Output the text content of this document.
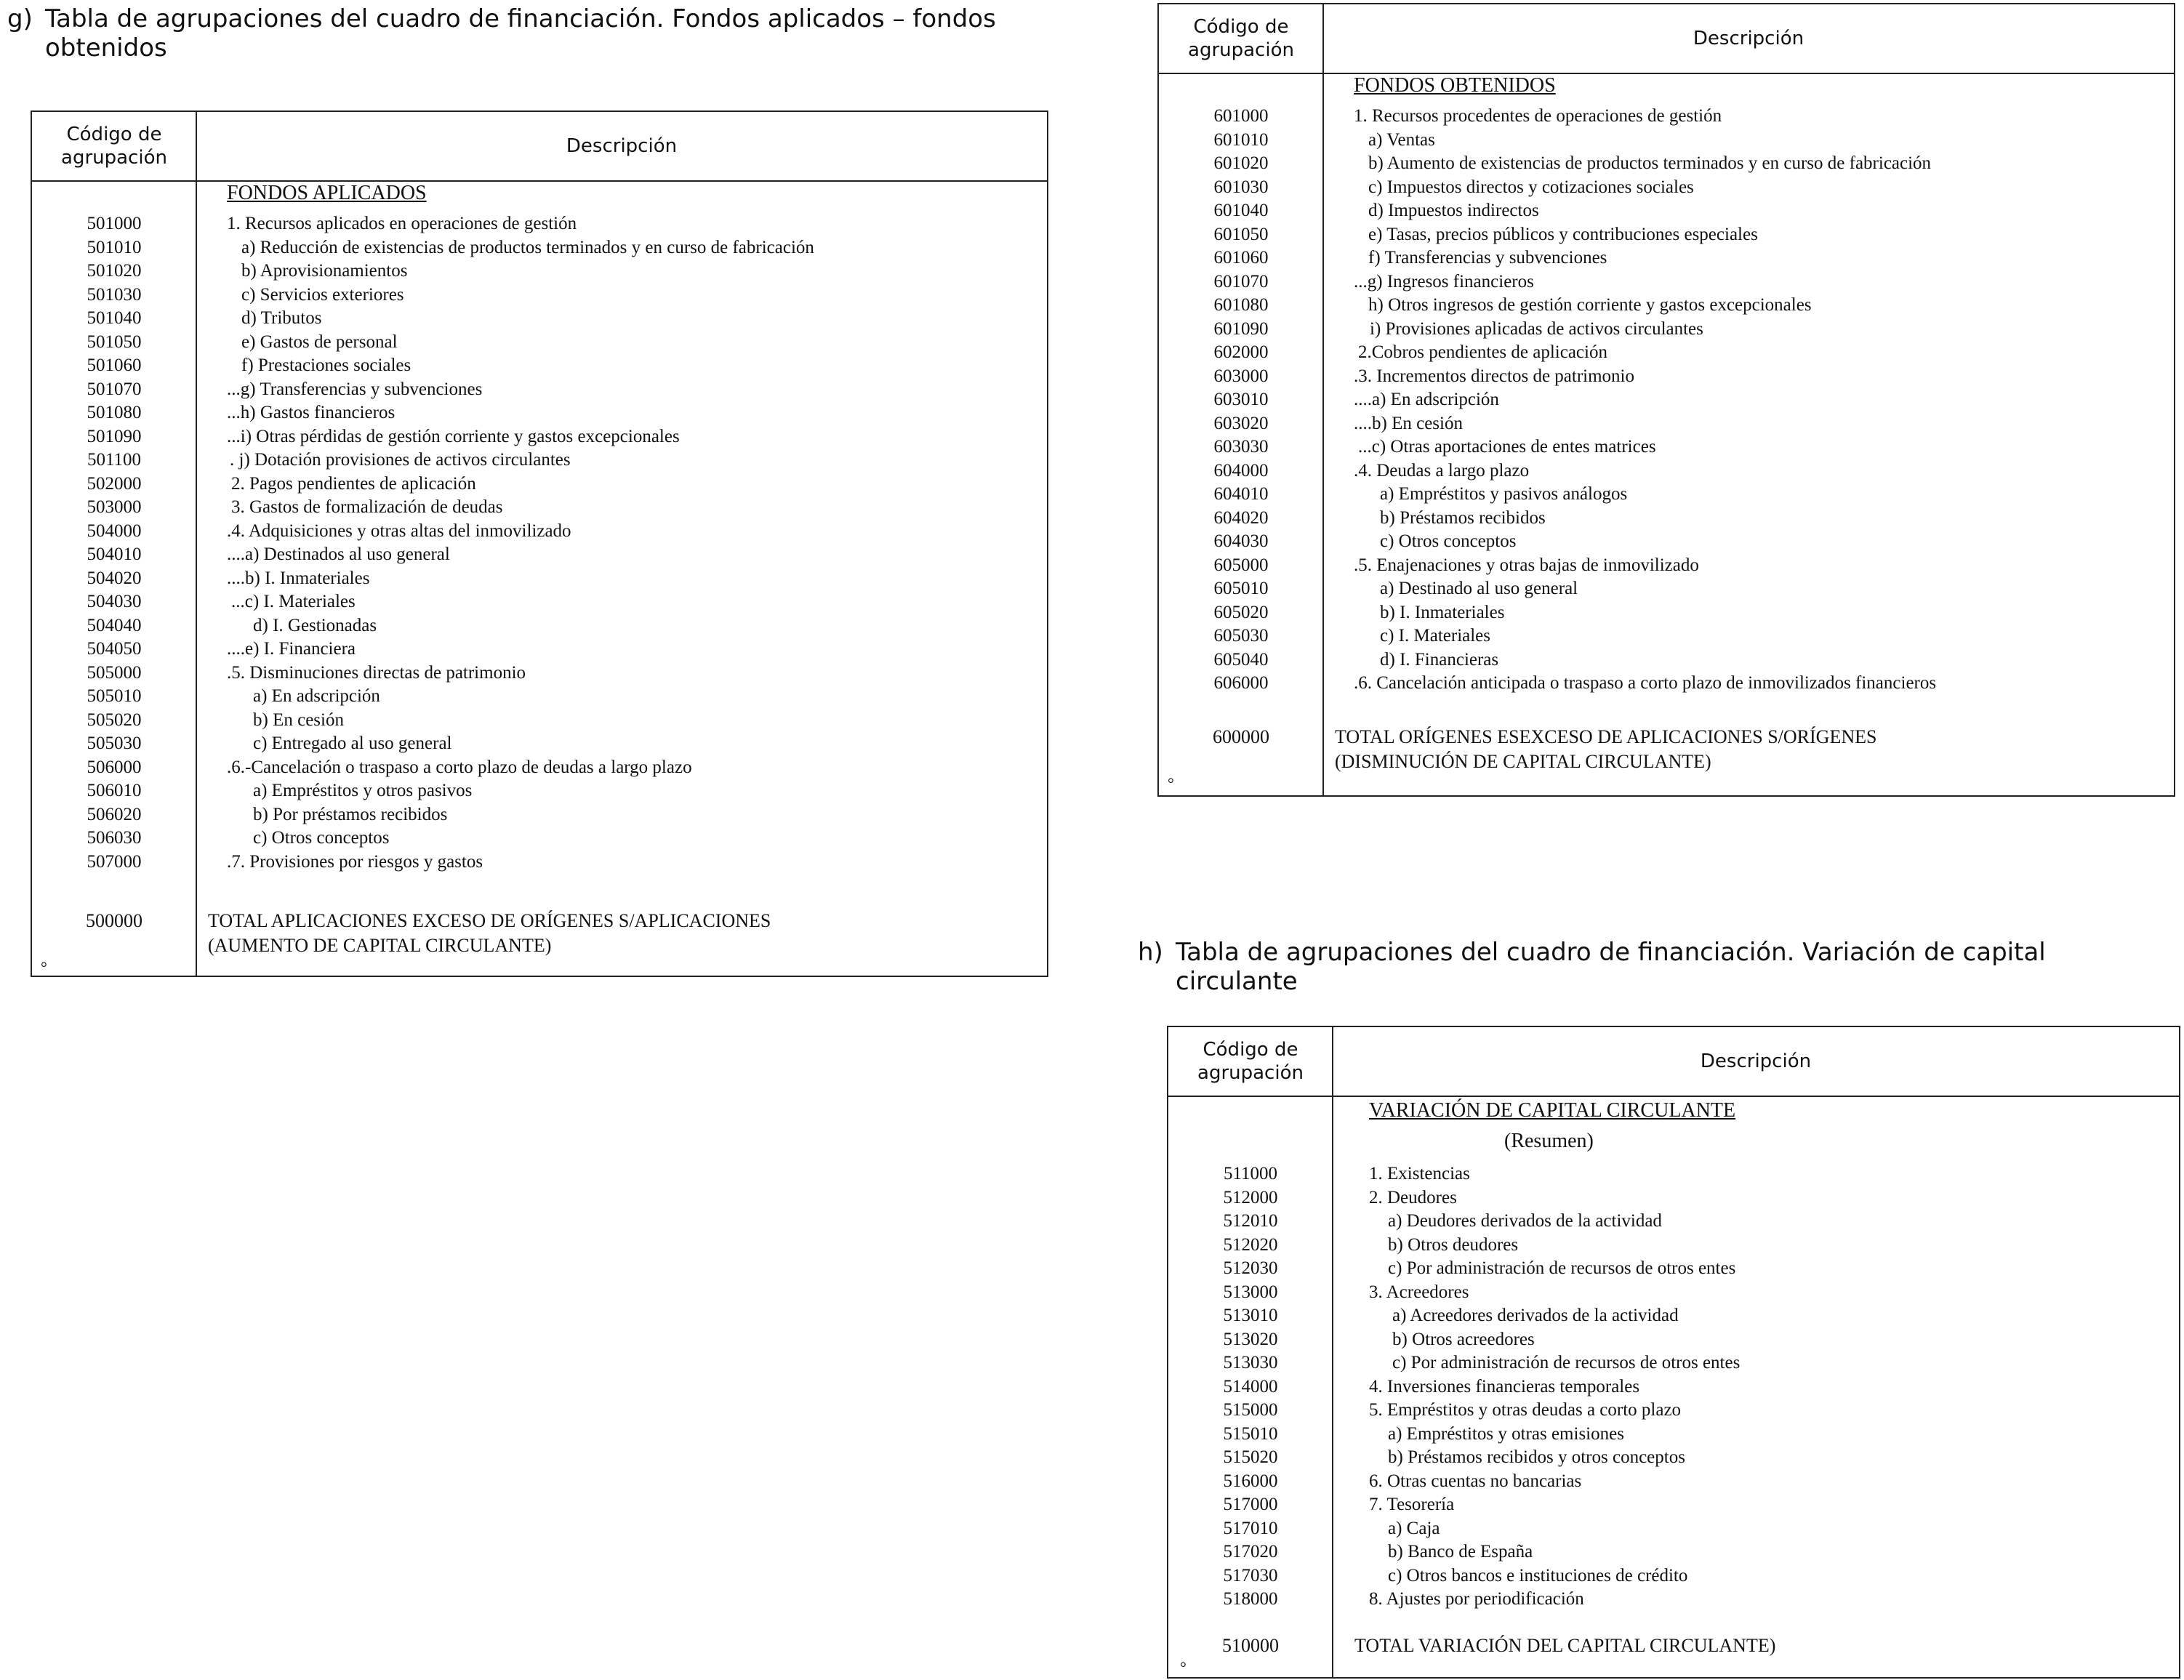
g) Tabla de agrupaciones del cuadro de financiación. Fondos aplicados – fondos obtenidos
Código de
agrupación
Descripción
FONDOS APLICADOS
501000	1. Recursos aplicados en operaciones de gestión
501010	a) Reducción de existencias de productos terminados y en curso de fabricación
501020	b) Aprovisionamientos
501030	c) Servicios exteriores
501040	d) Tributos
501050	e) Gastos de personal
501060	f) Prestaciones sociales
501070	...g) Transferencias y subvenciones
501080	...h) Gastos financieros
501090	...i) Otras pérdidas de gestión corriente y gastos excepcionales
501100	. j) Dotación provisiones de activos circulantes
502000	2. Pagos pendientes de aplicación
503000	3. Gastos de formalización de deudas
504000	.4. Adquisiciones y otras altas del inmovilizado
504010	....a) Destinados al uso general
504020	....b) I. Inmateriales
504030	...c) I. Materiales
504040	d) I. Gestionadas
504050	....e) I. Financiera
505000	.5. Disminuciones directas de patrimonio
505010	a) En adscripción
505020	b) En cesión
505030	c) Entregado al uso general
506000	.6.-Cancelación o traspaso a corto plazo de deudas a largo plazo
506010	a) Empréstitos y otros pasivos
506020	b) Por préstamos recibidos
506030	c) Otros conceptos
507000	.7. Provisiones por riesgos y gastos
500000	TOTAL APLICACIONES EXCESO DE ORÍGENES S/APLICACIONES
(AUMENTO DE CAPITAL CIRCULANTE)
°
Código de
agrupación
Descripción
FONDOS OBTENIDOS
601000	1. Recursos procedentes de operaciones de gestión
601010	a) Ventas
601020	b) Aumento de existencias de productos terminados y en curso de fabricación
601030	c) Impuestos directos y cotizaciones sociales
601040	d) Impuestos indirectos
601050	e) Tasas, precios públicos y contribuciones especiales
601060	f) Transferencias y subvenciones
601070	...g) Ingresos financieros
601080	h) Otros ingresos de gestión corriente y gastos excepcionales
601090	i) Provisiones aplicadas de activos circulantes
602000	2.Cobros pendientes de aplicación
603000	.3. Incrementos directos de patrimonio
603010	....a) En adscripción
603020	....b) En cesión
603030	...c) Otras aportaciones de entes matrices
604000	.4. Deudas a largo plazo
604010	a) Empréstitos y pasivos análogos
604020	b) Préstamos recibidos
604030	c) Otros conceptos
605000	.5. Enajenaciones y otras bajas de inmovilizado
605010	a) Destinado al uso general
605020	b) I. Inmateriales
605030	c) I. Materiales
605040	d) I. Financieras
606000	.6. Cancelación anticipada o traspaso a corto plazo de inmovilizados financieros
600000	TOTAL ORÍGENES ESEXCESO DE APLICACIONES S/ORÍGENES
(DISMINUCIÓN DE CAPITAL CIRCULANTE)
°
h) Tabla de agrupaciones del cuadro de financiación. Variación de capital circulante
Código de
agrupación
Descripción
VARIACIÓN DE CAPITAL CIRCULANTE
(Resumen)
511000	1. Existencias
512000	2. Deudores
512010	a) Deudores derivados de la actividad
512020	b) Otros deudores
512030	c) Por administración de recursos de otros entes
513000	3. Acreedores
513010	a) Acreedores derivados de la actividad
513020	b) Otros acreedores
513030	c) Por administración de recursos de otros entes
514000	4. Inversiones financieras temporales
515000	5. Empréstitos y otras deudas a corto plazo
515010	a) Empréstitos y otras emisiones
515020	b) Préstamos recibidos y otros conceptos
516000	6. Otras cuentas no bancarias
517000	7. Tesorería
517010	a) Caja
517020	b) Banco de España
517030	c) Otros bancos e instituciones de crédito
518000	8. Ajustes por periodificación
510000	TOTAL VARIACIÓN DEL CAPITAL CIRCULANTE)
°
